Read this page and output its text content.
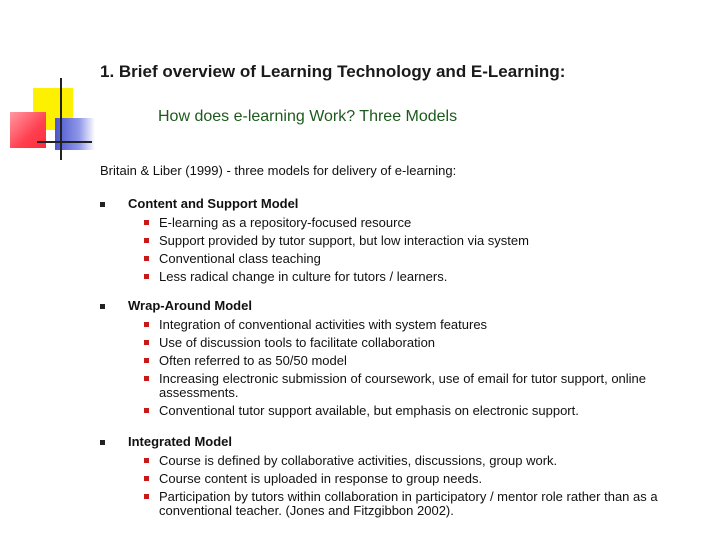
1. Brief overview of Learning Technology and E-Learning:
How does e-learning Work? Three Models
Britain & Liber (1999) - three models for delivery of e-learning:
Content and Support Model
E-learning as a repository-focused resource
Support provided by tutor support, but low interaction via system
Conventional class teaching
Less radical change in culture for tutors / learners.
Wrap-Around Model
Integration of conventional activities with system features
Use of discussion tools to facilitate collaboration
Often referred to as 50/50 model
Increasing electronic submission of coursework, use of email for tutor support, online assessments.
Conventional tutor support available, but emphasis on electronic support.
Integrated Model
Course is defined by collaborative activities, discussions, group work.
Course content is uploaded in response to group needs.
Participation by tutors within collaboration in participatory / mentor role rather than as a conventional teacher. (Jones and Fitzgibbon 2002).
